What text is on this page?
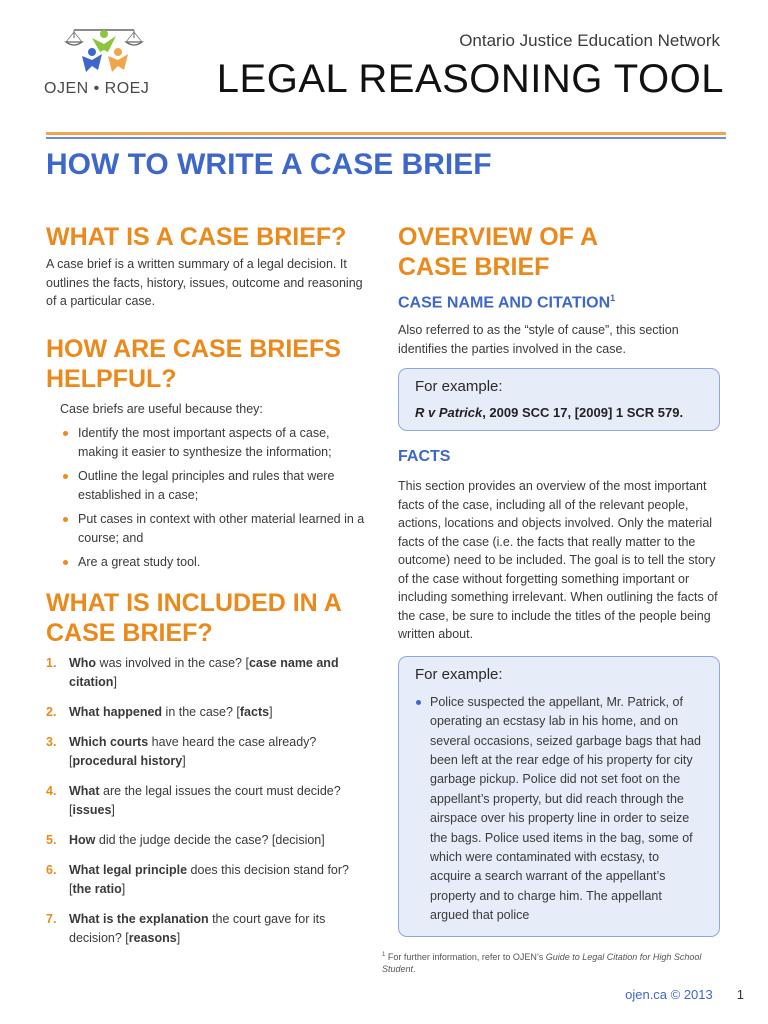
OJEN • ROEJ
Ontario Justice Education Network
LEGAL REASONING TOOL
HOW TO WRITE A CASE BRIEF
WHAT IS A CASE BRIEF?

A case brief is a written summary of a legal decision. It outlines the facts, history, issues, outcome and reasoning of a particular case.

HOW ARE CASE BRIEFS
HELPFUL?

Case briefs are useful because they:

Identify the most important aspects of a case, making it easier to synthesize the information;
Outline the legal principles and rules that were established in a case;
Put cases in context with other material learned in a course; and
Are a great study tool.
WHAT IS INCLUDED IN A
CASE BRIEF?
1. Who was involved in the case? [case name and citation]
2. What happened in the case? [facts]
3. Which courts have heard the case already? [procedural history]
4. What are the legal issues the court must decide? [issues]
5. How did the judge decide the case? [decision]
6. What legal principle does this decision stand for? [the ratio]
7. What is the explanation the court gave for its decision? [reasons]
OVERVIEW OF A
CASE BRIEF
CASE NAME AND CITATION$^1$

Also referred to as the “style of cause”, this section identifies the parties involved in the case.

For example:
R v Patrick, 2009 SCC 17, [2009] 1 SCR 579.
FACTS

This section provides an overview of the most important facts of the case, including all of the relevant people, actions, locations and objects involved. Only the material facts of the case (i.e. the facts that really matter to the outcome) need to be included. The goal is to tell the story of the case without forgetting something important or including something irrelevant. When outlining the facts of the case, be sure to include the titles of the people being written about.

For example:
Police suspected the appellant, Mr. Patrick, of operating an ecstasy lab in his home, and on several occasions, seized garbage bags that had been left at the rear edge of his property for city garbage pickup. Police did not set foot on the appellant’s property, but did reach through the airspace over his property line in order to seize the bags. Police used items in the bag, some of which were contaminated with ecstasy, to acquire a search warrant of the appellant’s property and to charge him. The appellant argued that police
$^1$ For further information, refer to OJEN’s Guide to Legal Citation for High School Student.
ojen.ca © 2013 1
